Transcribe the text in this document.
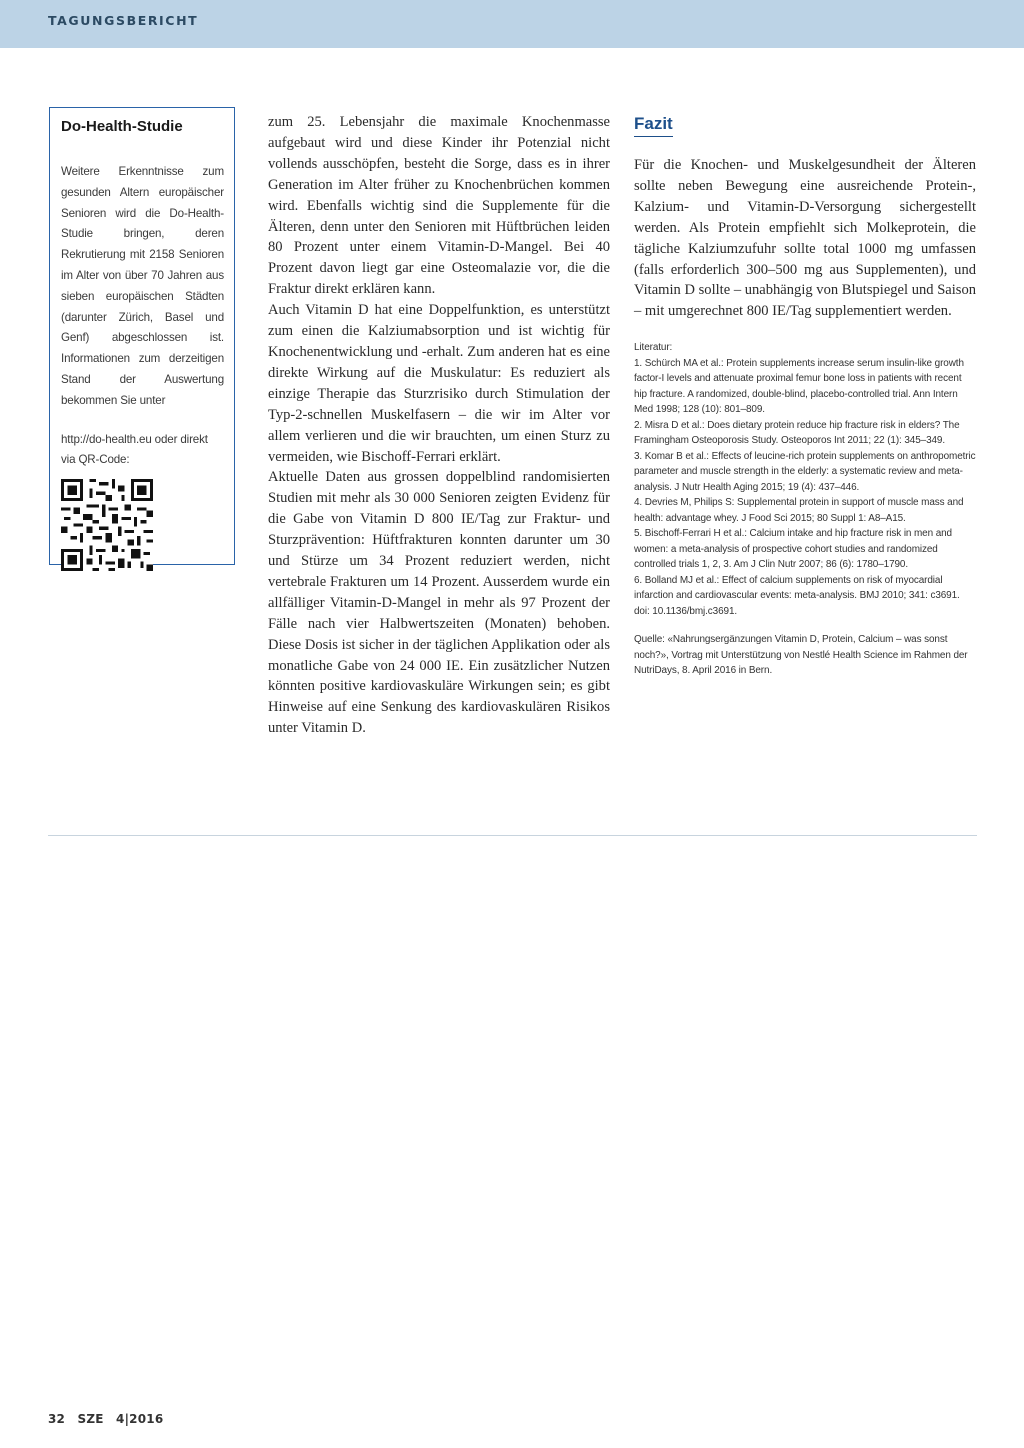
TAGUNGSBERICHT
Do-Health-Studie

Weitere Erkenntnisse zum gesunden Altern europäischer Senioren wird die Do-Health-Studie bringen, deren Rekrutierung mit 2158 Senioren im Alter von über 70 Jahren aus sieben europäischen Städten (darunter Zürich, Basel und Genf) abgeschlossen ist. Informationen zum derzeitigen Stand der Auswertung bekommen Sie unter

http://do-health.eu oder direkt via QR-Code:

zum 25. Lebensjahr die maximale Knochenmasse aufgebaut wird und diese Kinder ihr Potenzial nicht vollends ausschöpfen, besteht die Sorge, dass es in ihrer Generation im Alter früher zu Knochenbrüchen kommen wird. Ebenfalls wichtig sind die Supplemente für die Älteren, denn unter den Senioren mit Hüftbrüchen leiden 80 Prozent unter einem Vitamin-D-Mangel. Bei 40 Prozent davon liegt gar eine Osteomalazie vor, die die Fraktur direkt erklären kann.

Auch Vitamin D hat eine Doppelfunktion, es unterstützt zum einen die Kalziumabsorption und ist wichtig für Knochenentwicklung und -erhalt. Zum anderen hat es eine direkte Wirkung auf die Muskulatur: Es reduziert als einzige Therapie das Sturzrisiko durch Stimulation der Typ-2-schnellen Muskelfasern – die wir im Alter vor allem verlieren und die wir brauchten, um einen Sturz zu vermeiden, wie Bischoff-Ferrari erklärt.

Aktuelle Daten aus grossen doppelblind randomisierten Studien mit mehr als 30 000 Senioren zeigten Evidenz für die Gabe von Vitamin D 800 IE/Tag zur Fraktur- und Sturzprävention: Hüftfrakturen konnten darunter um 30 und Stürze um 34 Prozent reduziert werden, nicht vertebrale Frakturen um 14 Prozent. Ausserdem wurde ein allfälliger Vitamin-D-Mangel in mehr als 97 Prozent der Fälle nach vier Halbwertszeiten (Monaten) behoben. Diese Dosis ist sicher in der täglichen Applikation oder als monatliche Gabe von 24 000 IE. Ein zusätzlicher Nutzen könnten positive kardiovaskuläre Wirkungen sein; es gibt Hinweise auf eine Senkung des kardiovaskulären Risikos unter Vitamin D.

Fazit

Für die Knochen- und Muskelgesundheit der Älteren sollte neben Bewegung eine ausreichende Protein-, Kalzium- und Vitamin-D-Versorgung sichergestellt werden. Als Protein empfiehlt sich Molkeprotein, die tägliche Kalziumzufuhr sollte total 1000 mg umfassen (falls erforderlich 300–500 mg aus Supplementen), und Vitamin D sollte – unabhängig von Blutspiegel und Saison – mit umgerechnet 800 IE/Tag supplementiert werden.

Literatur:

1. Schürch MA et al.: Protein supplements increase serum insulin-like growth factor-I levels and attenuate proximal femur bone loss in patients with recent hip fracture. A randomized, double-blind, placebo-controlled trial. Ann Intern Med 1998; 128 (10): 801–809.

2. Misra D et al.: Does dietary protein reduce hip fracture risk in elders? The Framingham Osteoporosis Study. Osteoporos Int 2011; 22 (1): 345–349.

3. Komar B et al.: Effects of leucine-rich protein supplements on anthropometric parameter and muscle strength in the elderly: a systematic review and meta-analysis. J Nutr Health Aging 2015; 19 (4): 437–446.

4. Devries M, Philips S: Supplemental protein in support of muscle mass and health: advantage whey. J Food Sci 2015; 80 Suppl 1: A8–A15.

5. Bischoff-Ferrari H et al.: Calcium intake and hip fracture risk in men and women: a meta-analysis of prospective cohort studies and randomized controlled trials 1, 2, 3. Am J Clin Nutr 2007; 86 (6): 1780–1790.

6. Bolland MJ et al.: Effect of calcium supplements on risk of myocardial infarction and cardiovascular events: meta-analysis. BMJ 2010; 341: c3691. doi: 10.1136/bmj.c3691.

Quelle: «Nahrungsergänzungen Vitamin D, Protein, Calcium – was sonst noch?», Vortrag mit Unterstützung von Nestlé Health Science im Rahmen der NutriDays, 8. April 2016 in Bern.

32 SZE 4|2016
